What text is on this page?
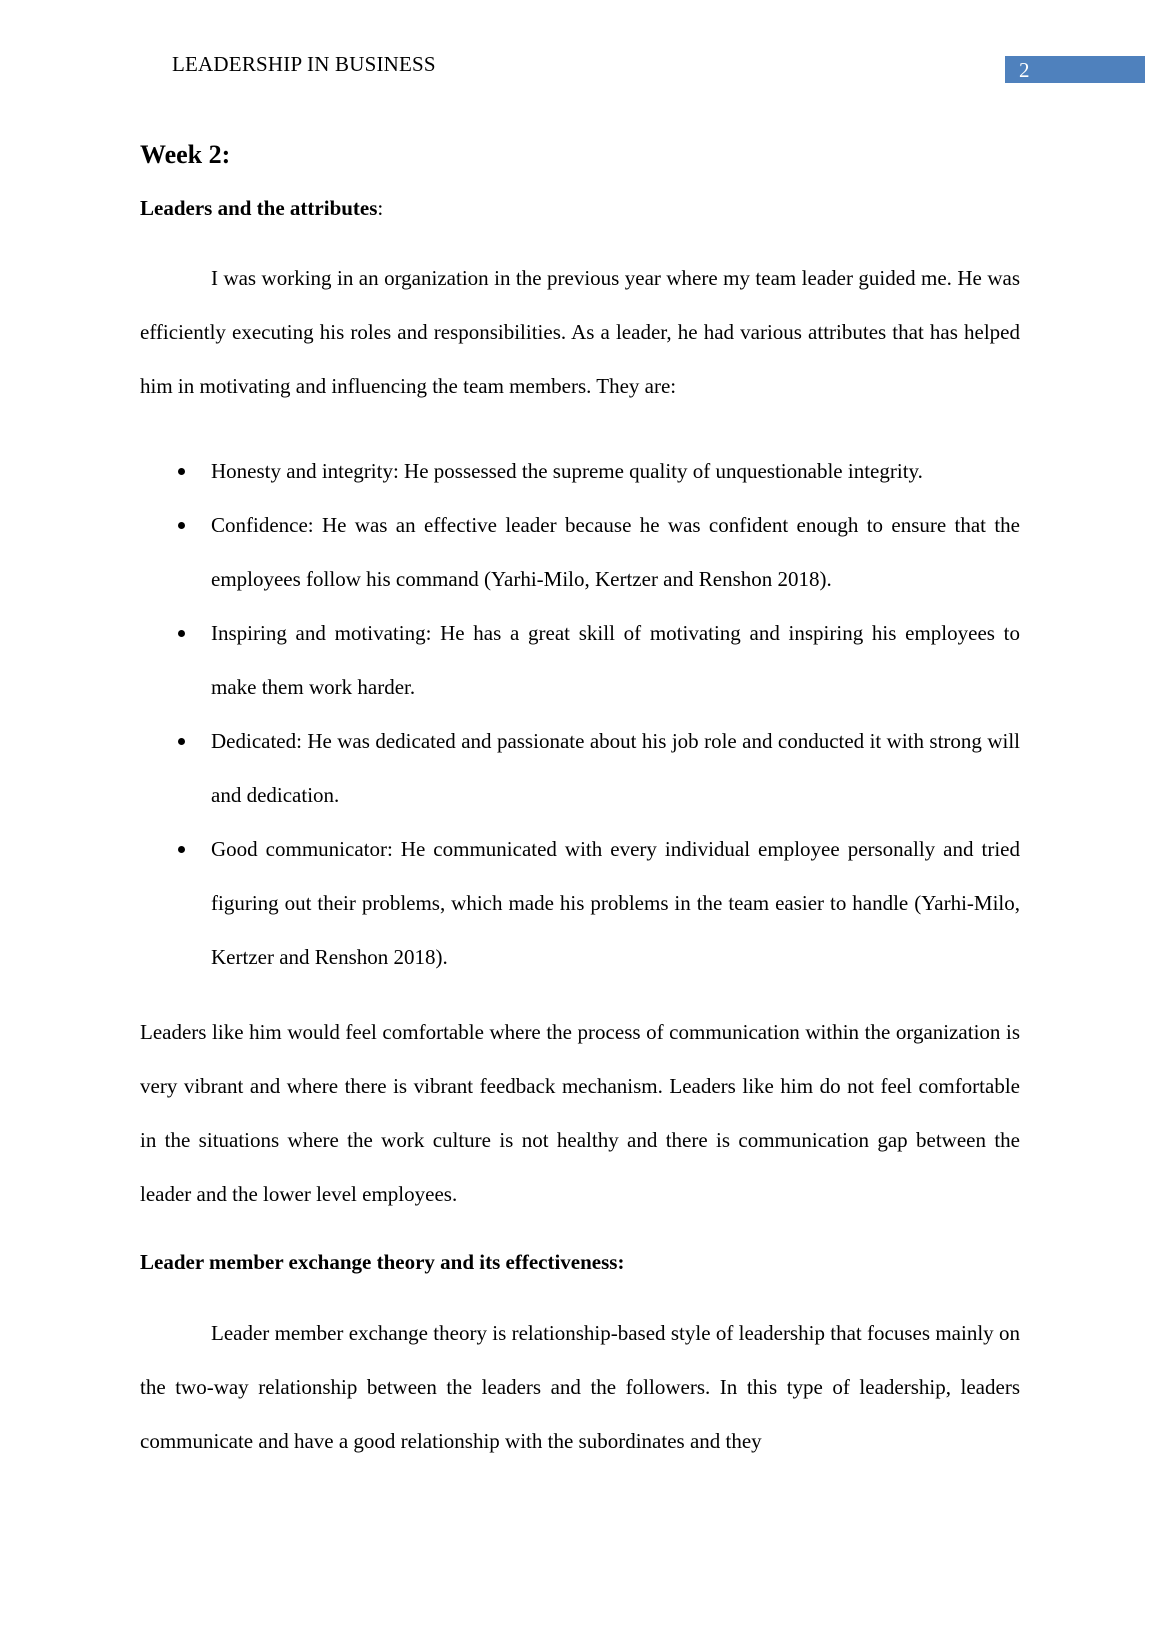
LEADERSHIP IN BUSINESS	2
Week 2:
Leaders and the attributes:

I was working in an organization in the previous year where my team leader guided me. He was efficiently executing his roles and responsibilities. As a leader, he had various attributes that has helped him in motivating and influencing the team members. They are:

Honesty and integrity: He possessed the supreme quality of unquestionable integrity.
Confidence: He was an effective leader because he was confident enough to ensure that the employees follow his command (Yarhi-Milo, Kertzer and Renshon 2018).
Inspiring and motivating: He has a great skill of motivating and inspiring his employees to make them work harder.
Dedicated: He was dedicated and passionate about his job role and conducted it with strong will and dedication.
Good communicator: He communicated with every individual employee personally and tried figuring out their problems, which made his problems in the team easier to handle (Yarhi-Milo, Kertzer and Renshon 2018).

Leaders like him would feel comfortable where the process of communication within the organization is very vibrant and where there is vibrant feedback mechanism. Leaders like him do not feel comfortable in the situations where the work culture is not healthy and there is communication gap between the leader and the lower level employees.

Leader member exchange theory and its effectiveness:

Leader member exchange theory is relationship-based style of leadership that focuses mainly on the two-way relationship between the leaders and the followers. In this type of leadership, leaders communicate and have a good relationship with the subordinates and they
